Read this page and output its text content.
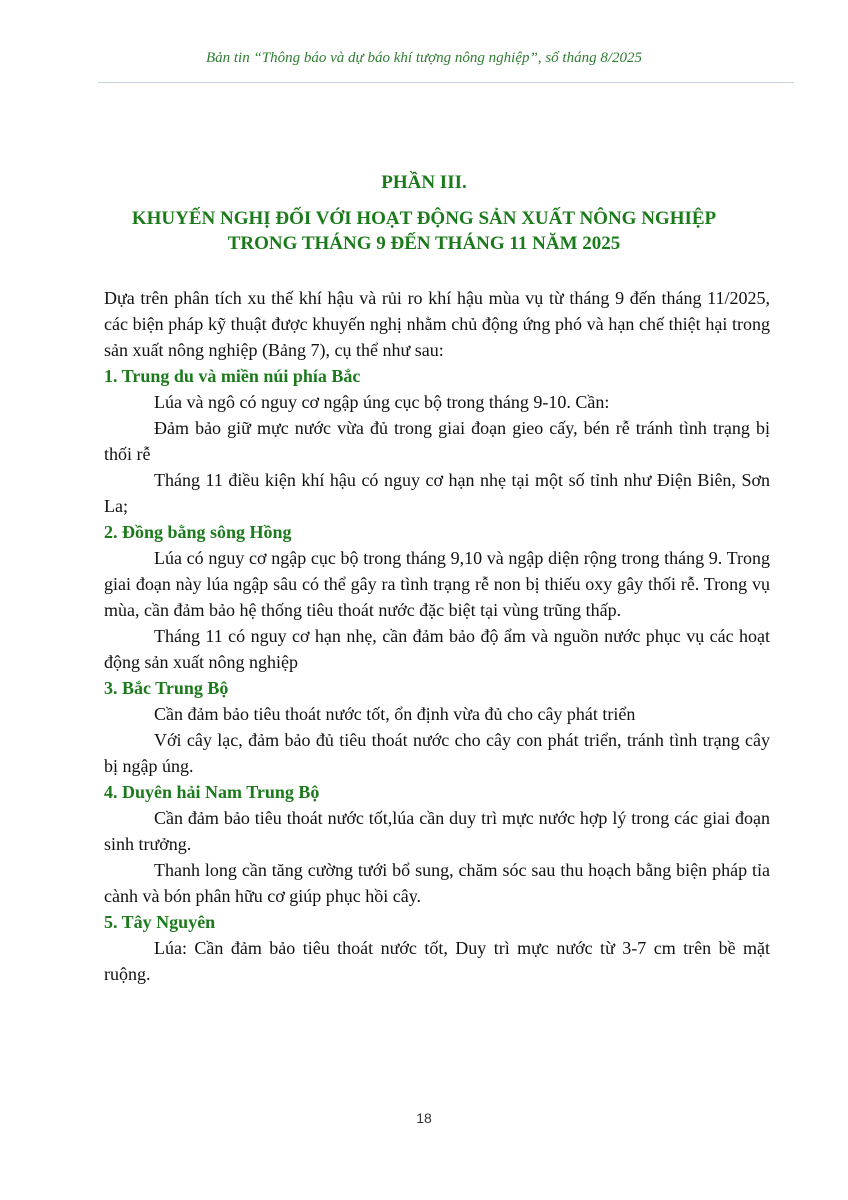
Bản tin “Thông báo và dự báo khí tượng nông nghiệp”, số tháng 8/2025
PHẦN III.
KHUYẾN NGHỊ ĐỐI VỚI HOẠT ĐỘNG SẢN XUẤT NÔNG NGHIỆP
TRONG THÁNG 9 ĐẾN THÁNG 11 NĂM 2025

Dựa trên phân tích xu thế khí hậu và rủi ro khí hậu mùa vụ từ tháng 9 đến tháng 11/2025, các biện pháp kỹ thuật được khuyến nghị nhằm chủ động ứng phó và hạn chế thiệt hại trong sản xuất nông nghiệp (Bảng 7), cụ thể như sau:

1. Trung du và miền núi phía Bắc

Lúa và ngô có nguy cơ ngập úng cục bộ trong tháng 9-10. Cần:

Đảm bảo giữ mực nước vừa đủ trong giai đoạn gieo cấy, bén rễ tránh tình trạng bị thối rễ

Tháng 11 điều kiện khí hậu có nguy cơ hạn nhẹ tại một số tỉnh như Điện Biên, Sơn La;

2. Đồng bằng sông Hồng

Lúa có nguy cơ ngập cục bộ trong tháng 9,10 và ngập diện rộng trong tháng 9. Trong giai đoạn này lúa ngập sâu có thể gây ra tình trạng rễ non bị thiếu oxy gây thối rễ. Trong vụ mùa, cần đảm bảo hệ thống tiêu thoát nước đặc biệt tại vùng trũng thấp.

Tháng 11 có nguy cơ hạn nhẹ, cần đảm bảo độ ẩm và nguồn nước phục vụ các hoạt động sản xuất nông nghiệp

3. Bắc Trung Bộ

Cần đảm bảo tiêu thoát nước tốt, ổn định vừa đủ cho cây phát triển

Với cây lạc, đảm bảo đủ tiêu thoát nước cho cây con phát triển, tránh tình trạng cây bị ngập úng.

4. Duyên hải Nam Trung Bộ

Cần đảm bảo tiêu thoát nước tốt,lúa cần duy trì mực nước hợp lý trong các giai đoạn sinh trưởng.

Thanh long cần tăng cường tưới bổ sung, chăm sóc sau thu hoạch bằng biện pháp tỉa cành và bón phân hữu cơ giúp phục hồi cây.

5. Tây Nguyên

Lúa: Cần đảm bảo tiêu thoát nước tốt, Duy trì mực nước từ 3-7 cm trên bề mặt ruộng.

18
